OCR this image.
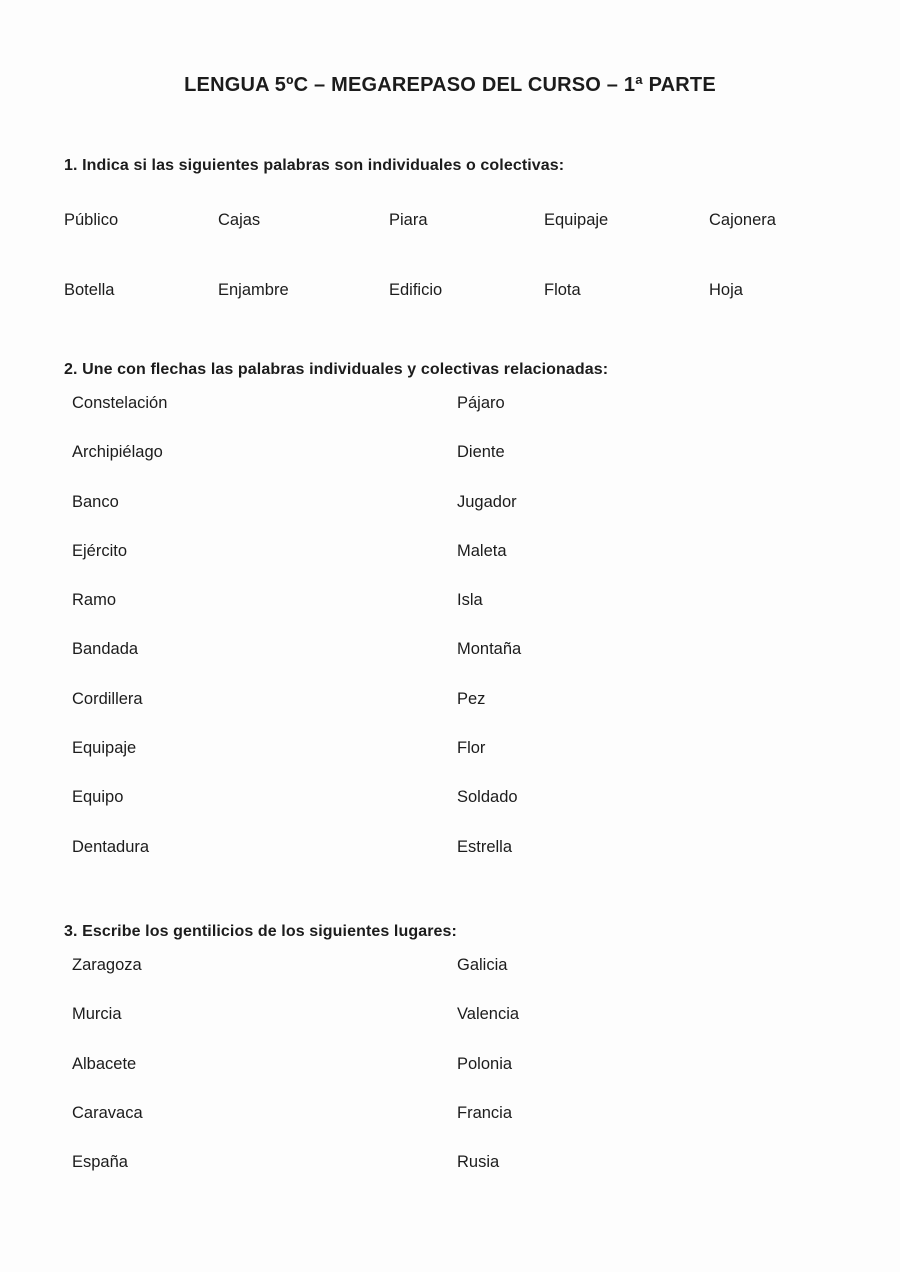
LENGUA 5ºC – MEGAREPASO DEL CURSO – 1ª PARTE
1. Indica si las siguientes palabras son individuales o colectivas:
Público	Cajas	Piara	Equipaje	Cajonera
Botella	Enjambre	Edificio	Flota	Hoja
2. Une con flechas las palabras individuales y colectivas relacionadas:
Constelación	Pájaro
Archipiélago	Diente
Banco	Jugador
Ejército	Maleta
Ramo	Isla
Bandada	Montaña
Cordillera	Pez
Equipaje	Flor
Equipo	Soldado
Dentadura	Estrella
3. Escribe los gentilicios de los siguientes lugares:
Zaragoza	Galicia
Murcia	Valencia
Albacete	Polonia
Caravaca	Francia
España	Rusia
